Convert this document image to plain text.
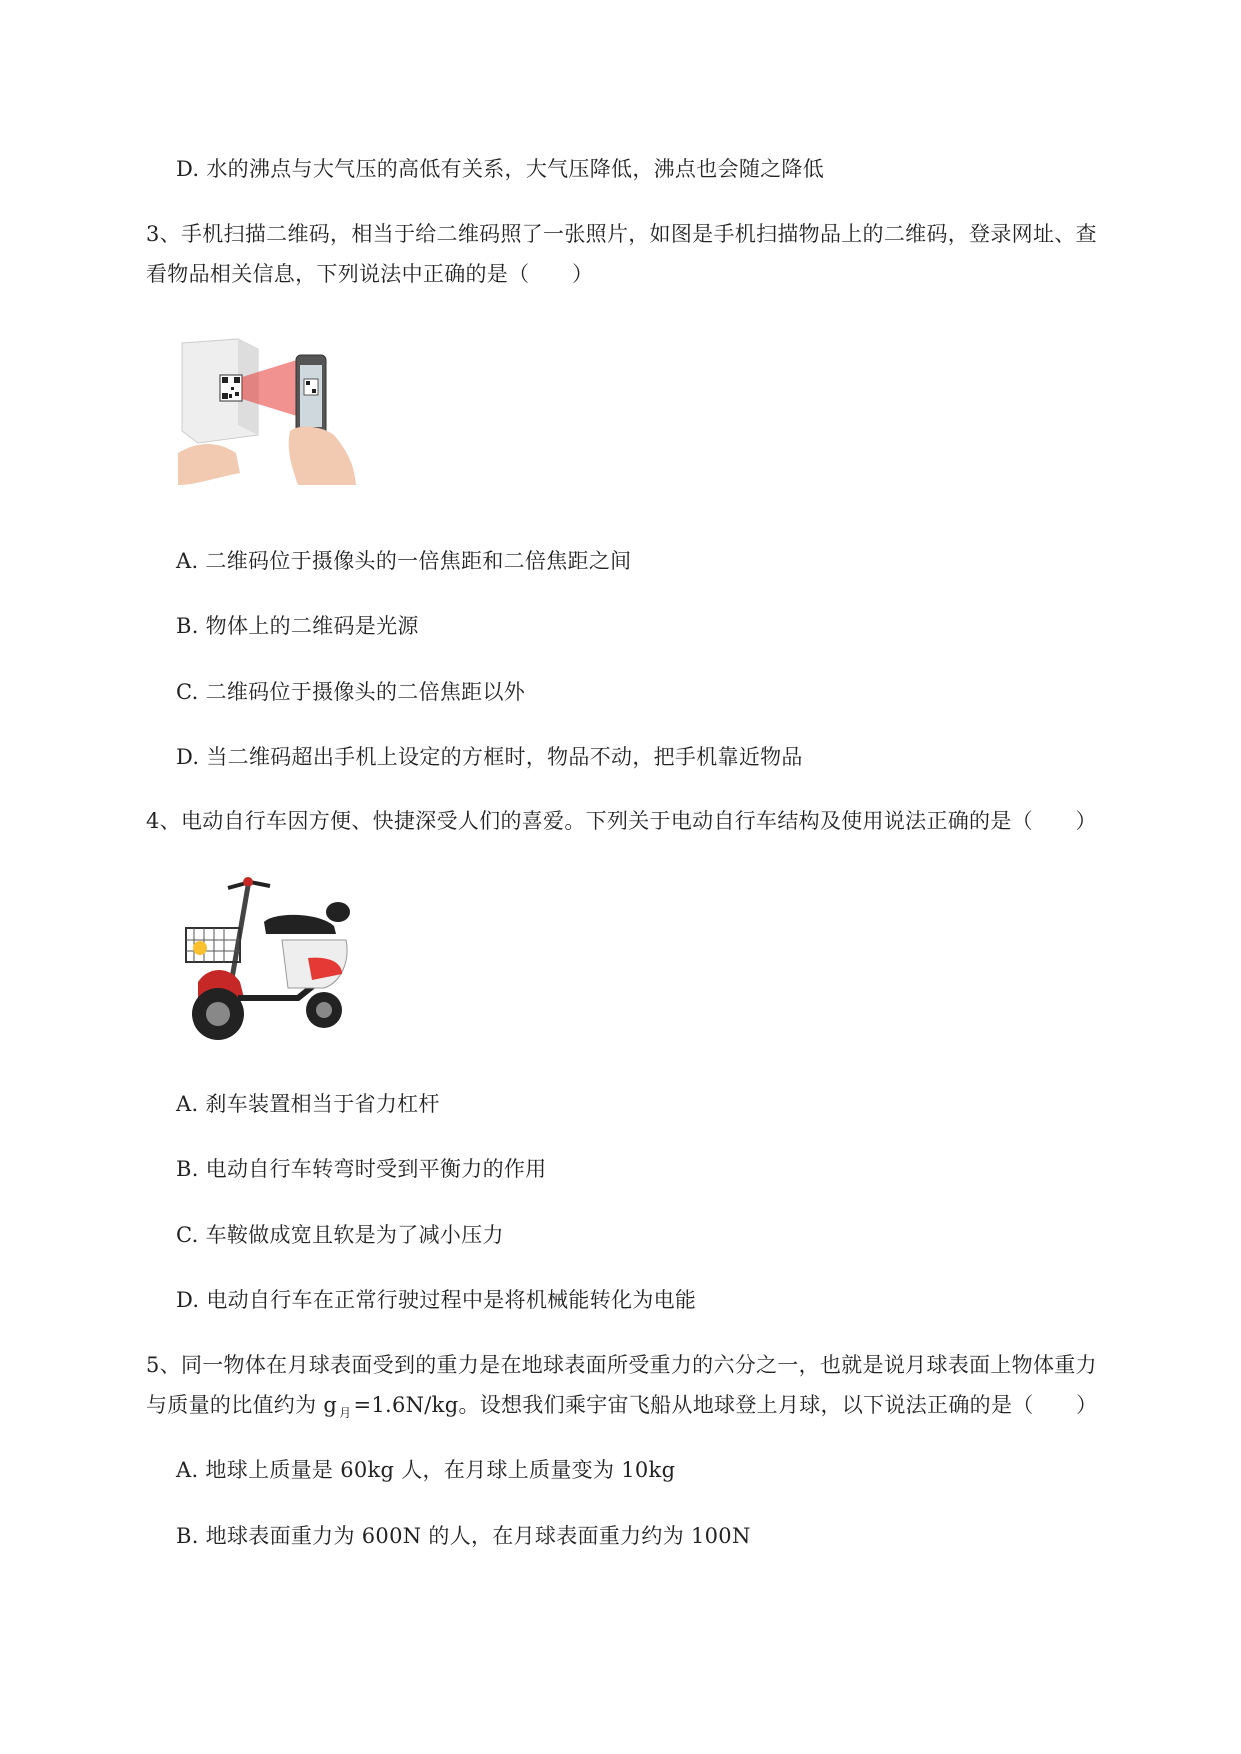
D. 水的沸点与大气压的高低有关系，大气压降低，沸点也会随之降低
3、手机扫描二维码，相当于给二维码照了一张照片，如图是手机扫描物品上的二维码，登录网址、查
看物品相关信息，下列说法中正确的是（　　）
A. 二维码位于摄像头的一倍焦距和二倍焦距之间
B. 物体上的二维码是光源
C. 二维码位于摄像头的二倍焦距以外
D. 当二维码超出手机上设定的方框时，物品不动，把手机靠近物品
4、电动自行车因方便、快捷深受人们的喜爱。下列关于电动自行车结构及使用说法正确的是（　　）
A. 刹车装置相当于省力杠杆
B. 电动自行车转弯时受到平衡力的作用
C. 车鞍做成宽且软是为了减小压力
D. 电动自行车在正常行驶过程中是将机械能转化为电能
5、同一物体在月球表面受到的重力是在地球表面所受重力的六分之一，也就是说月球表面上物体重力
与质量的比值约为 g $_月$=1.6N/kg。设想我们乘宇宙飞船从地球登上月球，以下说法正确的是（　　）
A. 地球上质量是 60kg 人，在月球上质量变为 10kg
B. 地球表面重力为 600N 的人，在月球表面重力约为 100N
